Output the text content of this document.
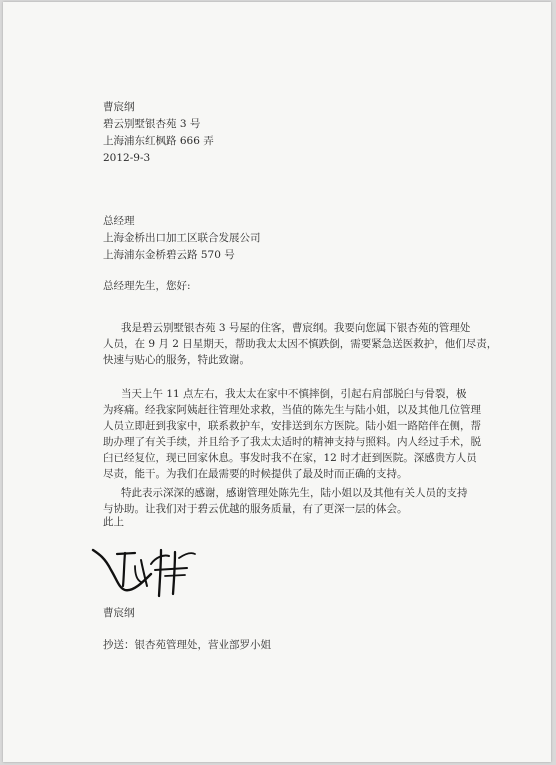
曹宸纲
碧云别墅银杏苑 3 号
上海浦东红枫路 666 弄
2012-9-3
总经理
上海金桥出口加工区联合发展公司
上海浦东金桥碧云路 570 号
总经理先生，您好:
我是碧云别墅银杏苑 3 号屋的住客，曹宸纲。我要向您属下银杏苑的管理处
人员，在 9 月 2 日星期天，帮助我太太因不慎跌倒，需要紧急送医救护，他们尽责，
快速与贴心的服务，特此致谢。
当天上午 11 点左右，我太太在家中不慎摔倒，引起右肩部脱臼与骨裂，极
为疼痛。经我家阿姨赶往管理处求救，当值的陈先生与陆小姐，以及其他几位管理
人员立即赶到我家中，联系救护车，安排送到东方医院。陆小姐一路陪伴在侧，帮
助办理了有关手续，并且给予了我太太适时的精神支持与照料。内人经过手术，脱
臼已经复位，现已回家休息。事发时我不在家，12 时才赶到医院。深感贵方人员
尽责，能干。为我们在最需要的时候提供了最及时而正确的支持。
特此表示深深的感谢，感谢管理处陈先生，陆小姐以及其他有关人员的支持
与协助。让我们对于碧云优越的服务质量，有了更深一层的体会。
此上
曹宸纲
抄送：银杏苑管理处，营业部罗小姐
